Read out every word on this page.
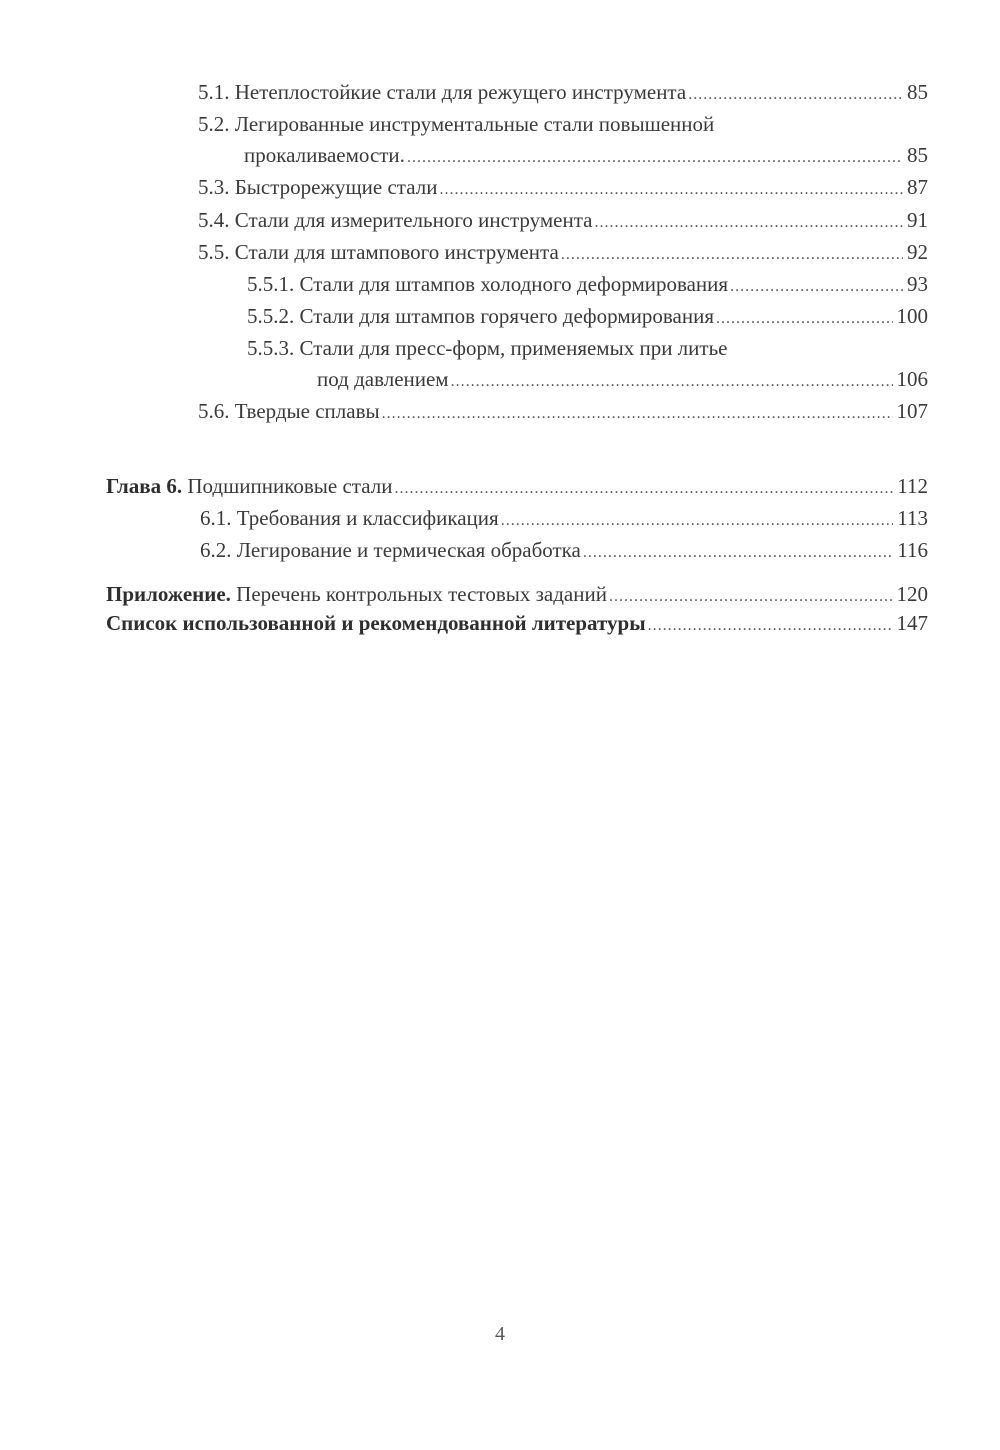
5.1. Нетеплостойкие стали для режущего инструмента .....	85
5.2. Легированные инструментальные стали повышенной
прокаливаемости. .....	85
5.3. Быстрорежущие стали .....	87
5.4. Стали для измерительного инструмента .....	91
5.5. Стали для штампового инструмента .....	92
5.5.1. Стали для штампов холодного деформирования .....	93
5.5.2. Стали для штампов горячего деформирования .....	100
5.5.3. Стали для пресс-форм, применяемых при литье
под давлением .....	106
5.6. Твердые сплавы .....	107
Глава 6. Подшипниковые стали .....	112
6.1. Требования и классификация .....	113
6.2. Легирование и термическая обработка .....	116
Приложение. Перечень контрольных тестовых заданий .....	120
Список использованной и рекомендованной литературы .....	147
4
